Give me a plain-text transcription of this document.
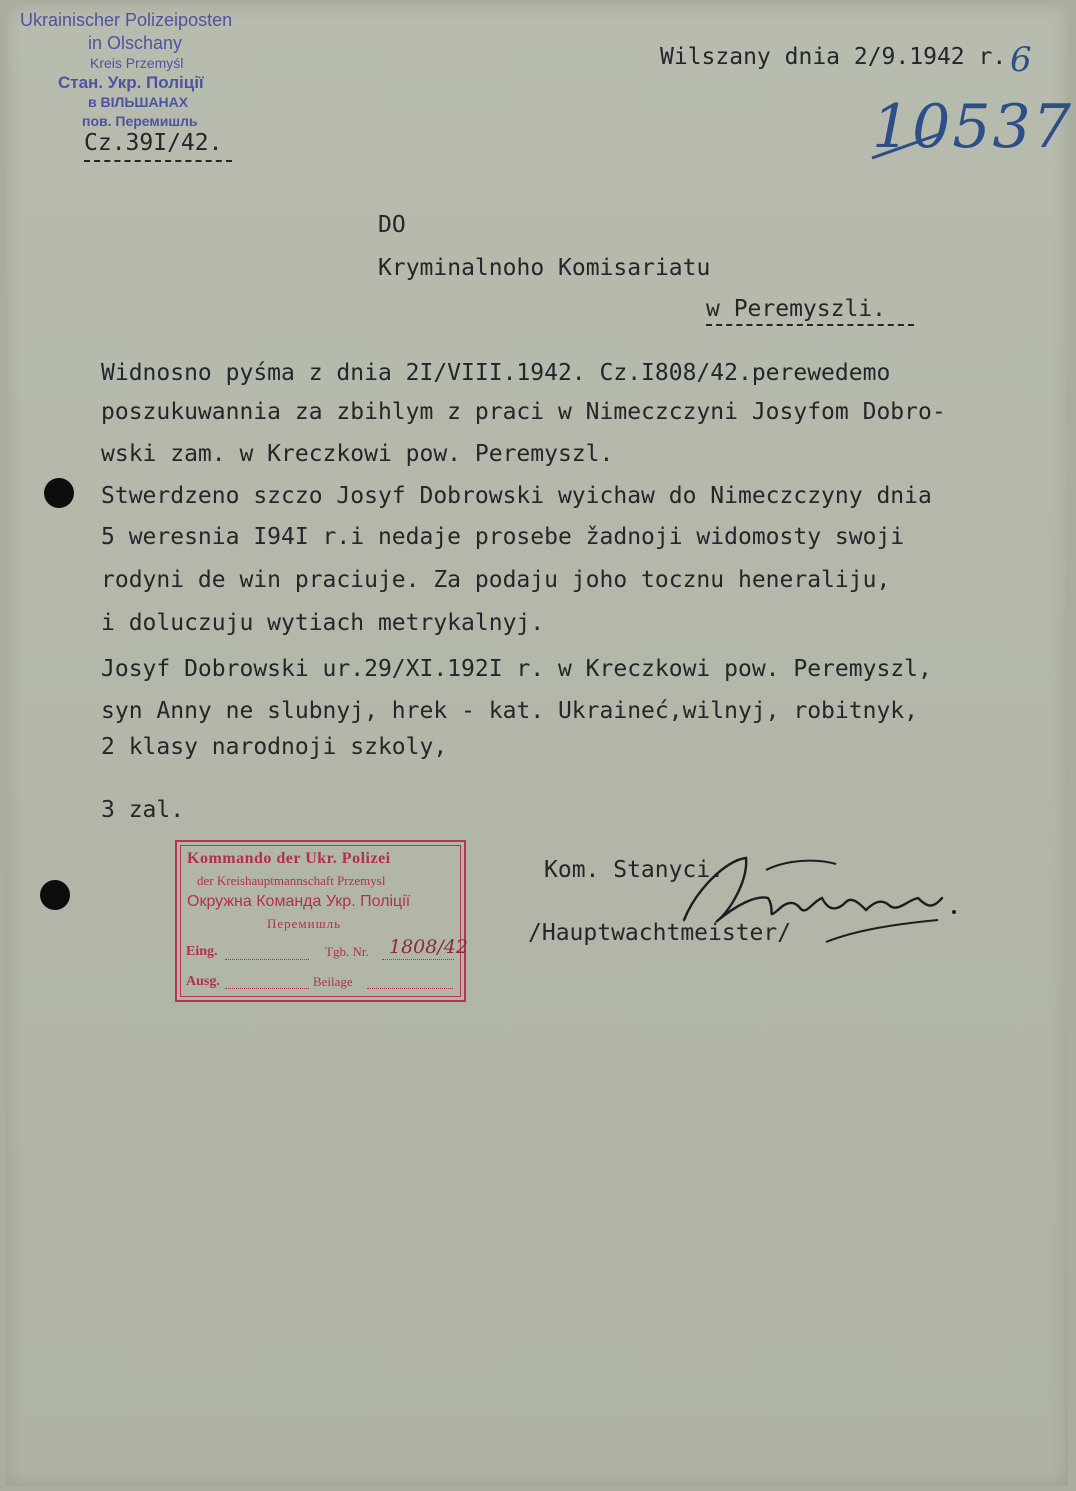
Ukrainischer Polizeiposten
in Olschany
Kreis Przemyśl
Стан. Укр. Поліції
в ВІЛЬШАНАХ
пов. Перемишль
Cz.39I/42.
Wilszany dnia 2/9.1942 r. 6
10537
DO
Kryminalnoho Komisariatu
w Peremyszli.
Widnosno pyśma z dnia 2I/VIII.1942. Cz.I808/42.perewedemo
poszukuwannia za zbihlym z praci w Nimeczczyni Josyfom Dobro-
wski zam. w Kreczkowi pow. Peremyszl.
Stwerdzeno szczo Josyf Dobrowski wyichaw do Nimeczczyny dnia
5 weresnia I94I r.i nedaje prosebe žadnoji widomosty swoji
rodyni de win praciuje. Za podaju joho tocznu heneraliju,
i doluczuju wytiach metrykalnyj.
Josyf Dobrowski ur.29/XI.192I r. w Kreczkowi pow. Peremyszl,
syn Anny ne slubnyj, hrek - kat. Ukraineć,wilnyj, robitnyk,
2 klasy narodnoji szkoly,
3 zal.
Kommando der Ukr. Polizei
der Kreishauptmannschaft Przemysl
Окружна Команда Укр. Поліції
Перемишль
Eing.	Tgb. Nr. 1808/42
Ausg.	Beilage
Kom. Stanyci.
/Hauptwachtmeister/
